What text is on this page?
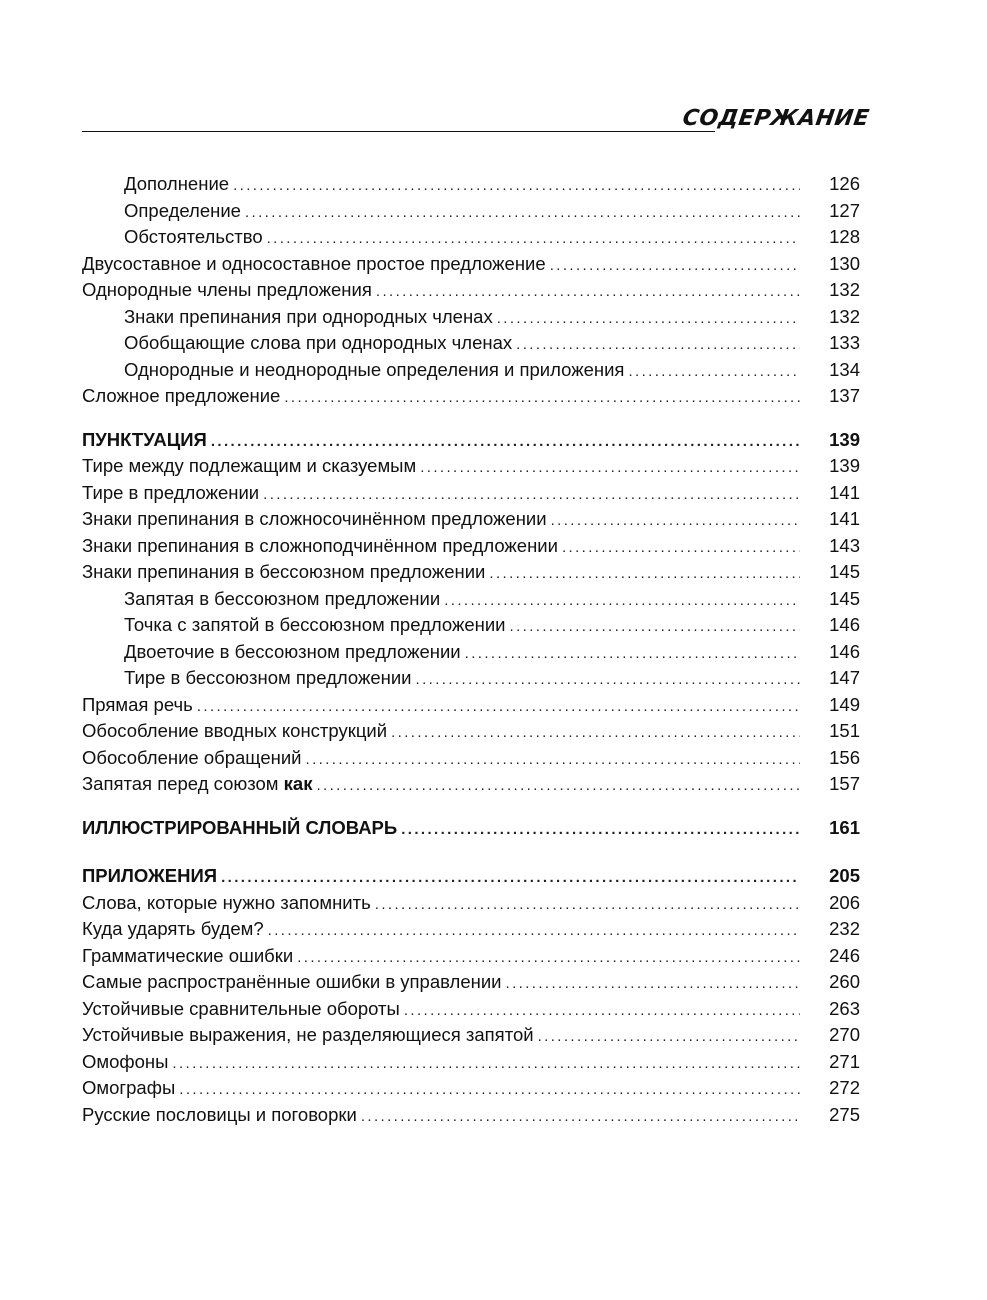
СОДЕРЖАНИЕ
Дополнение .....	126
Определение .....	127
Обстоятельство .....	128
Двусоставное и односоставное простое предложение .....	130
Однородные члены предложения .....	132
Знаки препинания при однородных членах .....	132
Обобщающие слова при однородных членах .....	133
Однородные и неоднородные определения и приложения .....	134
Сложное предложение .....	137
ПУНКТУАЦИЯ .....	139
Тире между подлежащим и сказуемым .....	139
Тире в предложении .....	141
Знаки препинания в сложносочинённом предложении .....	141
Знаки препинания в сложноподчинённом предложении .....	143
Знаки препинания в бессоюзном предложении .....	145
Запятая в бессоюзном предложении .....	145
Точка с запятой в бессоюзном предложении .....	146
Двоеточие в бессоюзном предложении .....	146
Тире в бессоюзном предложении .....	147
Прямая речь .....	149
Обособление вводных конструкций .....	151
Обособление обращений .....	156
Запятая перед союзом как .....	157
ИЛЛЮСТРИРОВАННЫЙ СЛОВАРЬ .....	161
ПРИЛОЖЕНИЯ .....	205
Слова, которые нужно запомнить .....	206
Куда ударять будем? .....	232
Грамматические ошибки .....	246
Самые распространённые ошибки в управлении .....	260
Устойчивые сравнительные обороты .....	263
Устойчивые выражения, не разделяющиеся запятой .....	270
Омофоны .....	271
Омографы .....	272
Русские пословицы и поговорки .....	275
